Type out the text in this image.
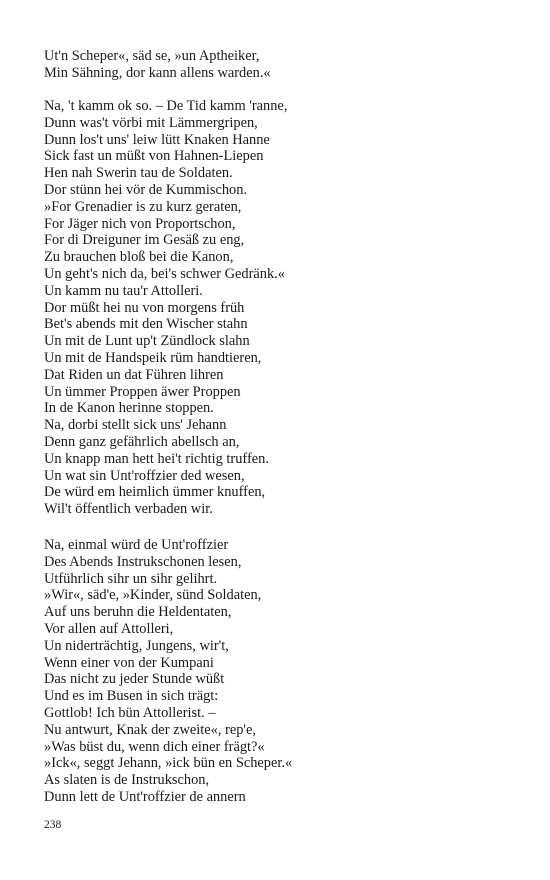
Ut'n Scheper«, säd se, »un Aptheiker,
Min Sähning, dor kann allens warden.«
Na, 't kamm ok so. – De Tid kamm 'ranne,
Dunn was't vörbi mit Lämmergripen,
Dunn los't uns' leiw lütt Knaken Hanne
Sick fast un müßt von Hahnen-Liepen
Hen nah Swerin tau de Soldaten.
Dor stünn hei vör de Kummischon.
»For Grenadier is zu kurz geraten,
For Jäger nich von Proportschon,
For di Dreiguner im Gesäß zu eng,
Zu brauchen bloß bei die Kanon,
Un geht's nich da, bei's schwer Gedränk.«
Un kamm nu tau'r Attolleri.
Dor müßt hei nu von morgens früh
Bet's abends mit den Wischer stahn
Un mit de Lunt up't Zündlock slahn
Un mit de Handspeik rüm handtieren,
Dat Riden un dat Führen lihren
Un ümmer Proppen äwer Proppen
In de Kanon herinne stoppen.
Na, dorbi stellt sick uns' Jehann
Denn ganz gefährlich abellsch an,
Un knapp man hett hei't richtig truffen.
Un wat sin Unt'roffzier ded wesen,
De würd em heimlich ümmer knuffen,
Wil't öffentlich verbaden wir.
Na, einmal würd de Unt'roffzier
Des Abends Instrukschonen lesen,
Utführlich sihr un sihr gelihrt.
»Wir«, säd'e, »Kinder, sünd Soldaten,
Auf uns beruhn die Heldentaten,
Vor allen auf Attolleri,
Un niderträchtig, Jungens, wir't,
Wenn einer von der Kumpani
Das nicht zu jeder Stunde wüßt
Und es im Busen in sich trägt:
Gottlob! Ich bün Attollerist. –
Nu antwurt, Knak der zweite«, rep'e,
»Was büst du, wenn dich einer frägt?«
»Ick«, seggt Jehann, »ick bün en Scheper.«
As slaten is de Instrukschon,
Dunn lett de Unt'roffzier de annern
238
